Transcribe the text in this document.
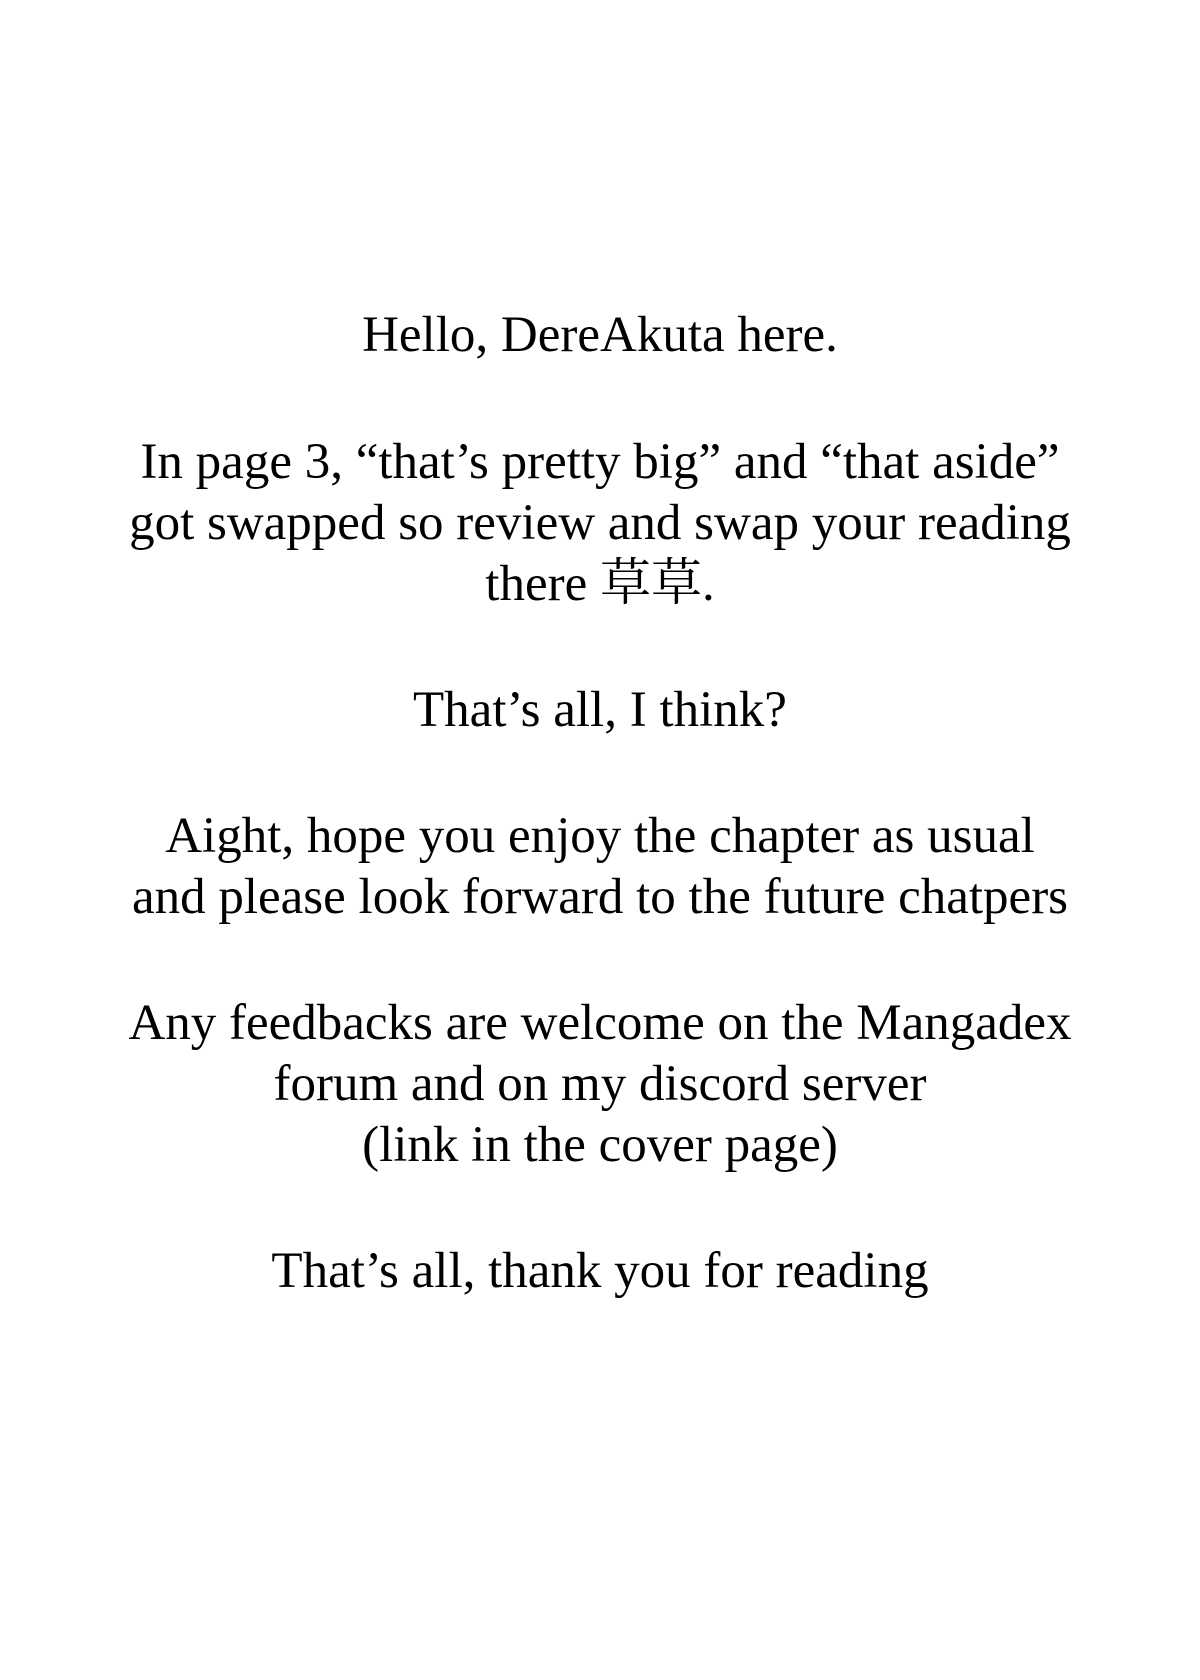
Hello, DereAkuta here.

In page 3, “that’s pretty big” and “that aside”
got swapped so review and swap your reading
there 草草.

That’s all, I think?

Aight, hope you enjoy the chapter as usual
and please look forward to the future chatpers

Any feedbacks are welcome on the Mangadex
forum and on my discord server
(link in the cover page)

That’s all, thank you for reading
